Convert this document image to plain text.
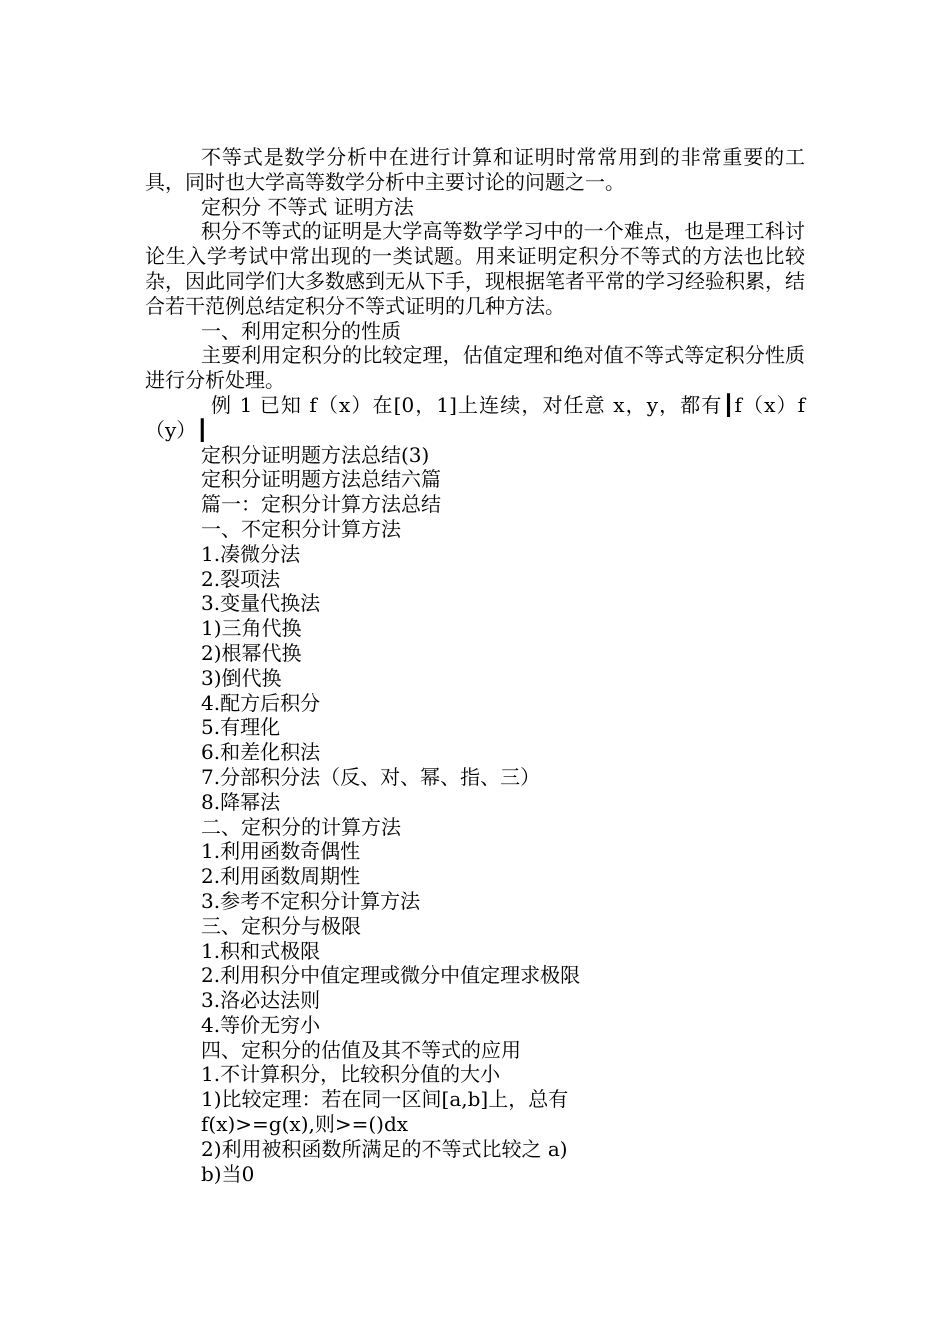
不等式是数学分析中在进行计算和证明时常常用到的非常重要的工具，同时也大学高等数学分析中主要讨论的问题之一。

定积分 不等式 证明方法

积分不等式的证明是大学高等数学学习中的一个难点，也是理工科讨论生入学考试中常出现的一类试题。用来证明定积分不等式的方法也比较杂，因此同学们大多数感到无从下手，现根据笔者平常的学习经验积累，结合若干范例总结定积分不等式证明的几种方法。

一、利用定积分的性质

主要利用定积分的比较定理，估值定理和绝对值不等式等定积分性质进行分析处理。

例 1 已知 f（x）在[0，1]上连续，对任意 x，y，都有┃f（x）f（y）┃

定积分证明题方法总结(3)

定积分证明题方法总结六篇

篇一：定积分计算方法总结

一、不定积分计算方法

1.凑微分法

2.裂项法

3.变量代换法

1)三角代换

2)根幂代换

3)倒代换

4.配方后积分

5.有理化

6.和差化积法

7.分部积分法（反、对、幂、指、三）

8.降幂法

二、定积分的计算方法

1.利用函数奇偶性

2.利用函数周期性

3.参考不定积分计算方法

三、定积分与极限

1.积和式极限

2.利用积分中值定理或微分中值定理求极限

3.洛必达法则

4.等价无穷小

四、定积分的估值及其不等式的应用

1.不计算积分，比较积分值的大小

1)比较定理：若在同一区间[a,b]上，总有

f(x)>=g(x),则>=()dx

2)利用被积函数所满足的不等式比较之 a)

b)当0
